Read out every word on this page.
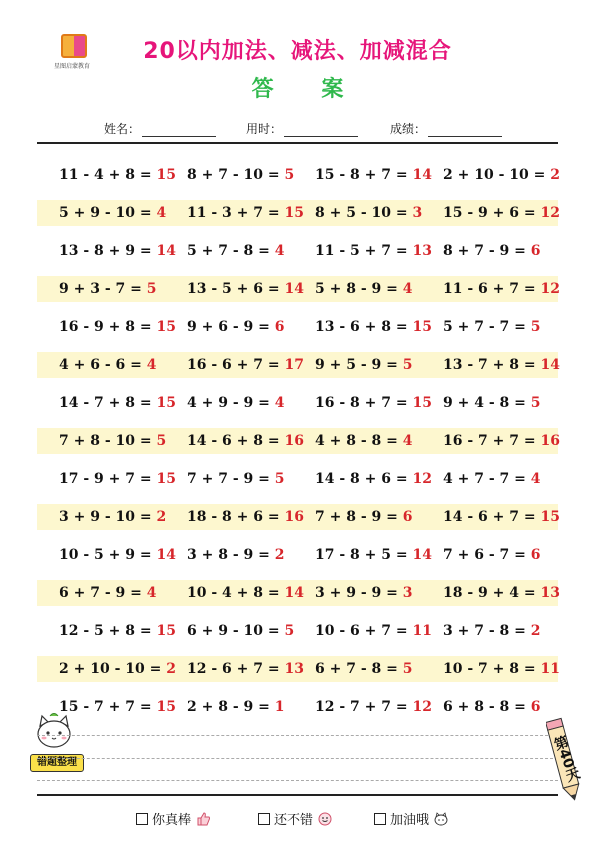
星图启蒙教育
20以内加法、减法、加减混合
答 案
姓名：	用时：	成绩：
11 - 4 + 8 = 15 8 + 7 - 10 = 5 15 - 8 + 7 = 14 2 + 10 - 10 = 2
5 + 9 - 10 = 4 11 - 3 + 7 = 15 8 + 5 - 10 = 3 15 - 9 + 6 = 12
13 - 8 + 9 = 14 5 + 7 - 8 = 4 11 - 5 + 7 = 13 8 + 7 - 9 = 6
9 + 3 - 7 = 5 13 - 5 + 6 = 14 5 + 8 - 9 = 4 11 - 6 + 7 = 12
16 - 9 + 8 = 15 9 + 6 - 9 = 6 13 - 6 + 8 = 15 5 + 7 - 7 = 5
4 + 6 - 6 = 4 16 - 6 + 7 = 17 9 + 5 - 9 = 5 13 - 7 + 8 = 14
14 - 7 + 8 = 15 4 + 9 - 9 = 4 16 - 8 + 7 = 15 9 + 4 - 8 = 5
7 + 8 - 10 = 5 14 - 6 + 8 = 16 4 + 8 - 8 = 4 16 - 7 + 7 = 16
17 - 9 + 7 = 15 7 + 7 - 9 = 5 14 - 8 + 6 = 12 4 + 7 - 7 = 4
3 + 9 - 10 = 2 18 - 8 + 6 = 16 7 + 8 - 9 = 6 14 - 6 + 7 = 15
10 - 5 + 9 = 14 3 + 8 - 9 = 2 17 - 8 + 5 = 14 7 + 6 - 7 = 6
6 + 7 - 9 = 4 10 - 4 + 8 = 14 3 + 9 - 9 = 3 18 - 9 + 4 = 13
12 - 5 + 8 = 15 6 + 9 - 10 = 5 10 - 6 + 7 = 11 3 + 7 - 8 = 2
2 + 10 - 10 = 2 12 - 6 + 7 = 13 6 + 7 - 8 = 5 10 - 7 + 8 = 11
15 - 7 + 7 = 15 2 + 8 - 9 = 1 12 - 7 + 7 = 12 6 + 8 - 8 = 6
错题整理	第40天
你真棒	还不错	加油哦
